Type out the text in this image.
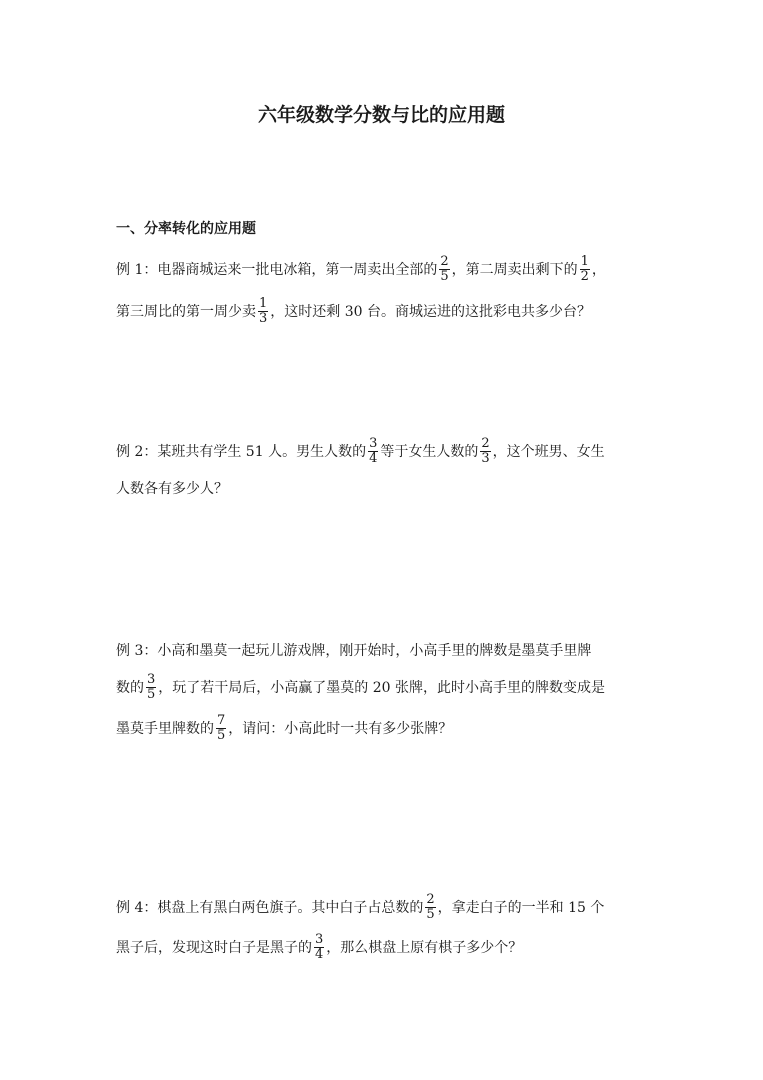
六年级数学分数与比的应用题
一、分率转化的应用题
例 1：电器商城运来一批电冰箱，第一周卖出全部的 $\frac{2}{5}$ ，第二周卖出剩下的 $\frac{1}{2}$ ，
第三周比的第一周少卖 $\frac{1}{3}$ ，这时还剩 30 台。商城运进的这批彩电共多少台？
例 2：某班共有学生 51 人。男生人数的 $\frac{3}{4}$ 等于女生人数的 $\frac{2}{3}$ ，这个班男、女生
人数各有多少人？
例 3：小高和墨莫一起玩儿游戏牌，刚开始时，小高手里的牌数是墨莫手里牌
数的 $\frac{3}{5}$ ，玩了若干局后，小高赢了墨莫的 20 张牌，此时小高手里的牌数变成是
墨莫手里牌数的 $\frac{7}{5}$ ，请问：小高此时一共有多少张牌？
例 4：棋盘上有黑白两色旗子。其中白子占总数的 $\frac{2}{5}$ ，拿走白子的一半和 15 个
黑子后，发现这时白子是黑子的 $\frac{3}{4}$ ，那么棋盘上原有棋子多少个？
